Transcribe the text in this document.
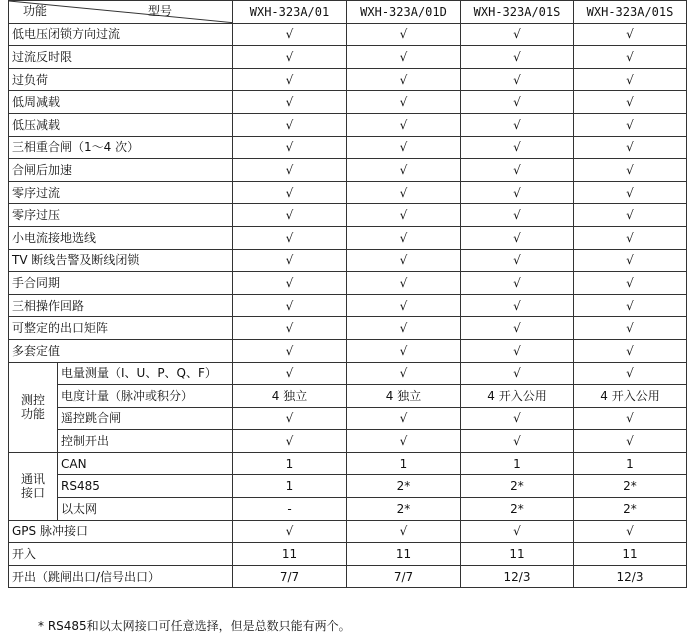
型号
功能		WXH-323A/01	WXH-323A/01D	WXH-323A/01S	WXH-323A/01S
低电压闭锁方向过流		√	√	√	√
过流反时限		√	√	√	√
过负荷		√	√	√	√
低周减载		√	√	√	√
低压减载		√	√	√	√
三相重合闸（1～4 次）		√	√	√	√
合闸后加速		√	√	√	√
零序过流		√	√	√	√
零序过压		√	√	√	√
小电流接地选线		√	√	√	√
TV 断线告警及断线闭锁		√	√	√	√
手合同期		√	√	√	√
三相操作回路		√	√	√	√
可整定的出口矩阵		√	√	√	√
多套定值		√	√	√	√

测控
功能	电量测量（I、U、P、Q、F）	√	√	√	√
	电度计量（脉冲或积分）	4 独立	4 独立	4 开入公用	4 开入公用
	遥控跳合闸	√	√	√	√
	控制开出	√	√	√	√

通讯
接口	CAN	1	1	1	1
	RS485	1	2*	2*	2*
	以太网	-	2*	2*	2*
GPS 脉冲接口		√	√	√	√
开入		11	11	11	11
开出（跳闸出口/信号出口）		7/7	7/7	12/3	12/3
* RS485和以太网接口可任意选择，但是总数只能有两个。
